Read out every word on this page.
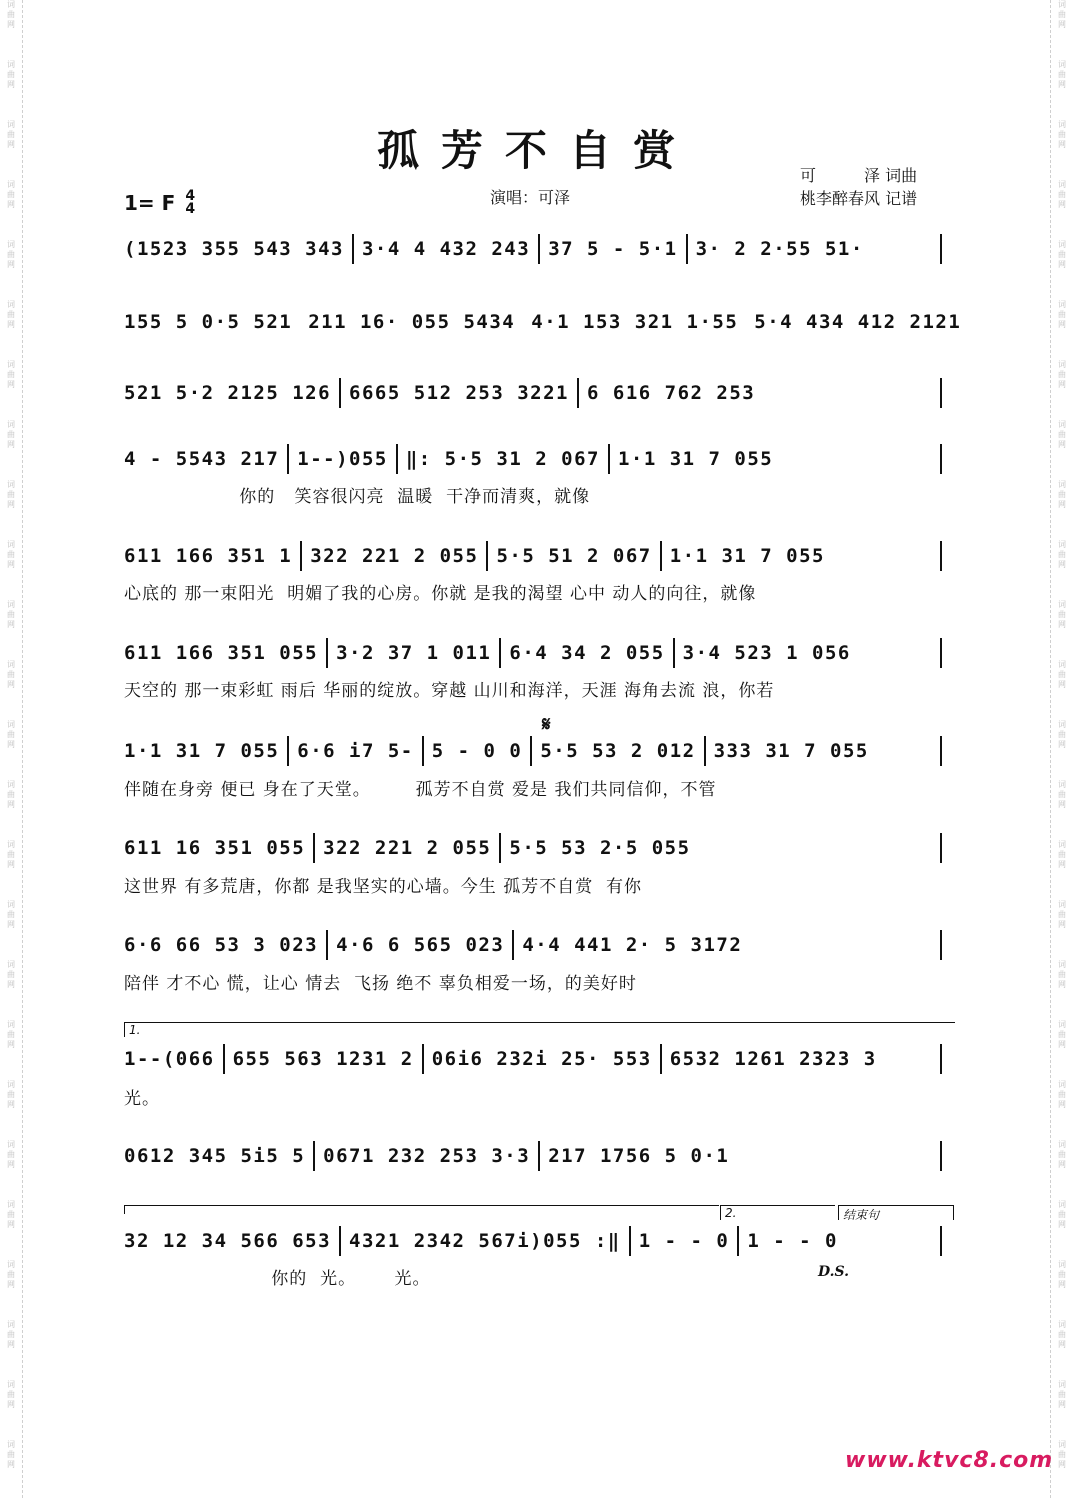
词曲网
词曲网
词曲网
词曲网
词曲网
词曲网
词曲网
词曲网
词曲网
词曲网
词曲网
词曲网
词曲网
词曲网
词曲网
词曲网
词曲网
词曲网
词曲网
词曲网
词曲网
词曲网
词曲网
词曲网
词曲网
词曲网
词曲网
词曲网
词曲网
词曲网
词曲网
词曲网
词曲网
词曲网
词曲网
词曲网
词曲网
词曲网
词曲网
词曲网
词曲网
词曲网
词曲网
词曲网
词曲网
词曲网
词曲网
词曲网
词曲网
词曲网
孤芳不自赏
可	泽 词曲
桃李醉春风 记谱
演唱：可泽
1= F 4
4
𝄋
(1523 355 543 343 3·4 4 432 243 37 5 - 5·1 3· 2 2·55 51·
155 5 0·5 521 211 16· 055 5434 4·1 153 321 1·55 5·4 434 412 2121
521 5·2 2125 126 6665 512 253 3221 6 616 762 253
4 - 5543 217 1--)055 ‖: 5·5 31 2 067 1·1 31 7 055
你的   笑容很闪亮  温暖  干净而清爽，就像
611 166 351 1 322 221 2 055 5·5 51 2 067 1·1 31 7 055
心底的 那一束阳光  明媚了我的心房。你就 是我的渴望 心中 动人的向往，就像
611 166 351 055 3·2 37 1 011 6·4 34 2 055 3·4 523 1 056
天空的 那一束彩虹 雨后 华丽的绽放。穿越 山川和海洋，天涯 海角去流 浪，你若
1·1 31 7 055 6·6 i7 5- 5 - 0 0 5·5 53 2 012 333 31 7 055
伴随在身旁 便已 身在了天堂。       孤芳不自赏 爱是 我们共同信仰，不管
611 16 351 055 322 221 2 055 5·5 53 2·5 055
这世界 有多荒唐，你都 是我坚实的心墙。今生 孤芳不自赏  有你
6·6 66 53 3 023 4·6 6 565 023 4·4 441 2· 5 3172
陪伴 才不心 慌，让心 情去  飞扬 绝不 辜负相爱一场，的美好时
1--(066 655 563 1231 2 06i6 232i 25· 553 6532 1261 2323 3
光。
0612 345 5i5 5 0671 232 253 3·3 217 1756 5 0·1
32 12 34 566 653 4321 2342 567i)055 :‖ 1 - - 0 1 - - 0
你的  光。      光。
1.
2.	结束句
D.S.
www.ktvc8.com
